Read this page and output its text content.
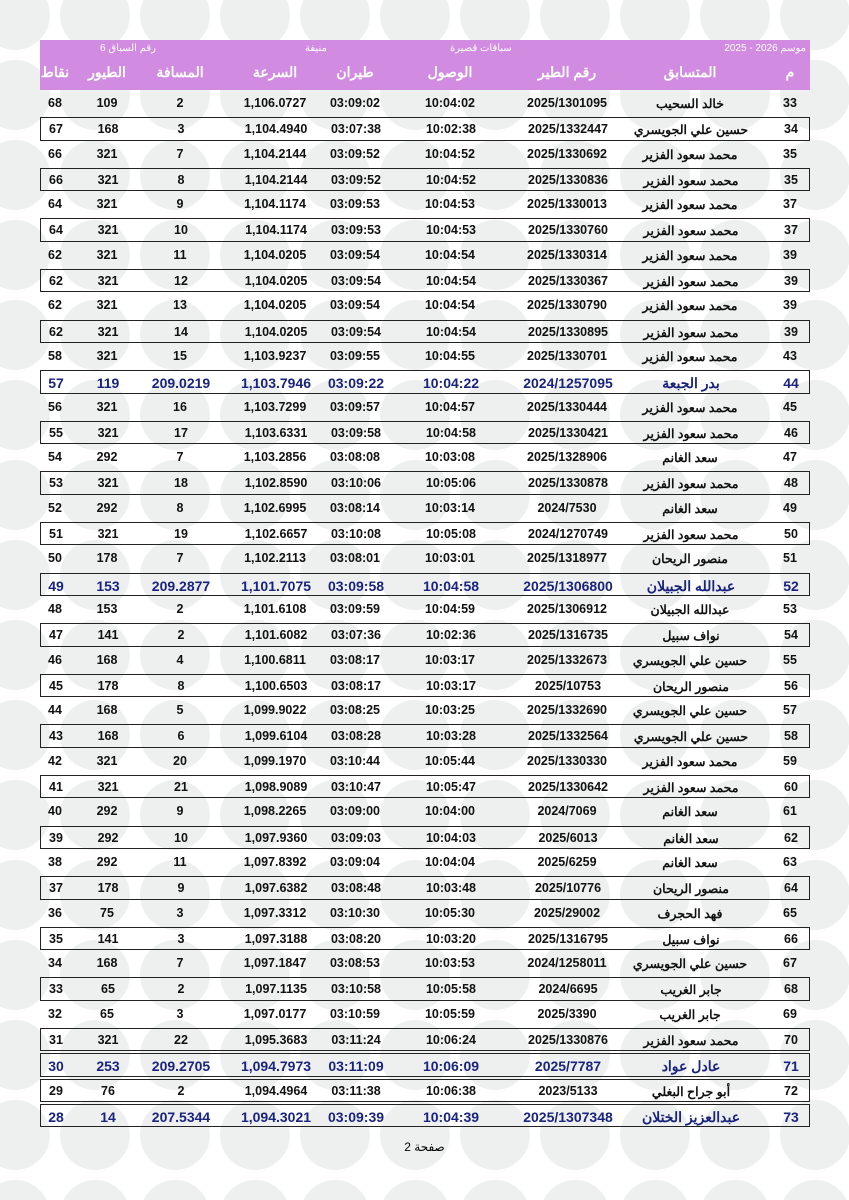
موسم 2026 - 2025
سباقات قصيرة
منيفة
رقم السباق 6
م
المتسابق
رقم الطير
الوصول
طيران
السرعة
المسافة
الطيور
نقاط
33
خالد السحيب
2025/1301095
10:04:02
03:09:02
1,106.0727
2
109
68
34
حسين علي الجويسري
2025/1332447
10:02:38
03:07:38
1,104.4940
3
168
67
35
محمد سعود الفزير
2025/1330692
10:04:52
03:09:52
1,104.2144
7
321
66
35
محمد سعود الفزير
2025/1330836
10:04:52
03:09:52
1,104.2144
8
321
66
37
محمد سعود الفزير
2025/1330013
10:04:53
03:09:53
1,104.1174
9
321
64
37
محمد سعود الفزير
2025/1330760
10:04:53
03:09:53
1,104.1174
10
321
64
39
محمد سعود الفزير
2025/1330314
10:04:54
03:09:54
1,104.0205
11
321
62
39
محمد سعود الفزير
2025/1330367
10:04:54
03:09:54
1,104.0205
12
321
62
39
محمد سعود الفزير
2025/1330790
10:04:54
03:09:54
1,104.0205
13
321
62
39
محمد سعود الفزير
2025/1330895
10:04:54
03:09:54
1,104.0205
14
321
62
43
محمد سعود الفزير
2025/1330701
10:04:55
03:09:55
1,103.9237
15
321
58
44
بدر الجبعة
2024/1257095
10:04:22
03:09:22
1,103.7946
209.0219
119
57
45
محمد سعود الفزير
2025/1330444
10:04:57
03:09:57
1,103.7299
16
321
56
46
محمد سعود الفزير
2025/1330421
10:04:58
03:09:58
1,103.6331
17
321
55
47
سعد الغانم
2025/1328906
10:03:08
03:08:08
1,103.2856
7
292
54
48
محمد سعود الفزير
2025/1330878
10:05:06
03:10:06
1,102.8590
18
321
53
49
سعد الغانم
2024/7530
10:03:14
03:08:14
1,102.6995
8
292
52
50
محمد سعود الفزير
2024/1270749
10:05:08
03:10:08
1,102.6657
19
321
51
51
منصور الريحان
2025/1318977
10:03:01
03:08:01
1,102.2113
7
178
50
52
عبدالله الجبيلان
2025/1306800
10:04:58
03:09:58
1,101.7075
209.2877
153
49
53
عبدالله الجبيلان
2025/1306912
10:04:59
03:09:59
1,101.6108
2
153
48
54
نواف سبيل
2025/1316735
10:02:36
03:07:36
1,101.6082
2
141
47
55
حسين علي الجويسري
2025/1332673
10:03:17
03:08:17
1,100.6811
4
168
46
56
منصور الريحان
2025/10753
10:03:17
03:08:17
1,100.6503
8
178
45
57
حسين علي الجويسري
2025/1332690
10:03:25
03:08:25
1,099.9022
5
168
44
58
حسين علي الجويسري
2025/1332564
10:03:28
03:08:28
1,099.6104
6
168
43
59
محمد سعود الفزير
2025/1330330
10:05:44
03:10:44
1,099.1970
20
321
42
60
محمد سعود الفزير
2025/1330642
10:05:47
03:10:47
1,098.9089
21
321
41
61
سعد الغانم
2024/7069
10:04:00
03:09:00
1,098.2265
9
292
40
62
سعد الغانم
2025/6013
10:04:03
03:09:03
1,097.9360
10
292
39
63
سعد الغانم
2025/6259
10:04:04
03:09:04
1,097.8392
11
292
38
64
منصور الريحان
2025/10776
10:03:48
03:08:48
1,097.6382
9
178
37
65
فهد الحجرف
2025/29002
10:05:30
03:10:30
1,097.3312
3
75
36
66
نواف سبيل
2025/1316795
10:03:20
03:08:20
1,097.3188
3
141
35
67
حسين علي الجويسري
2024/1258011
10:03:53
03:08:53
1,097.1847
7
168
34
68
جابر الغريب
2024/6695
10:05:58
03:10:58
1,097.1135
2
65
33
69
جابر الغريب
2025/3390
10:05:59
03:10:59
1,097.0177
3
65
32
70
محمد سعود الفزير
2025/1330876
10:06:24
03:11:24
1,095.3683
22
321
31
71
عادل عواد
2025/7787
10:06:09
03:11:09
1,094.7973
209.2705
253
30
72
أبو جراح البغلي
2023/5133
10:06:38
03:11:38
1,094.4964
2
76
29
73
عبدالعزيز الختلان
2025/1307348
10:04:39
03:09:39
1,094.3021
207.5344
14
28
صفحة 2
